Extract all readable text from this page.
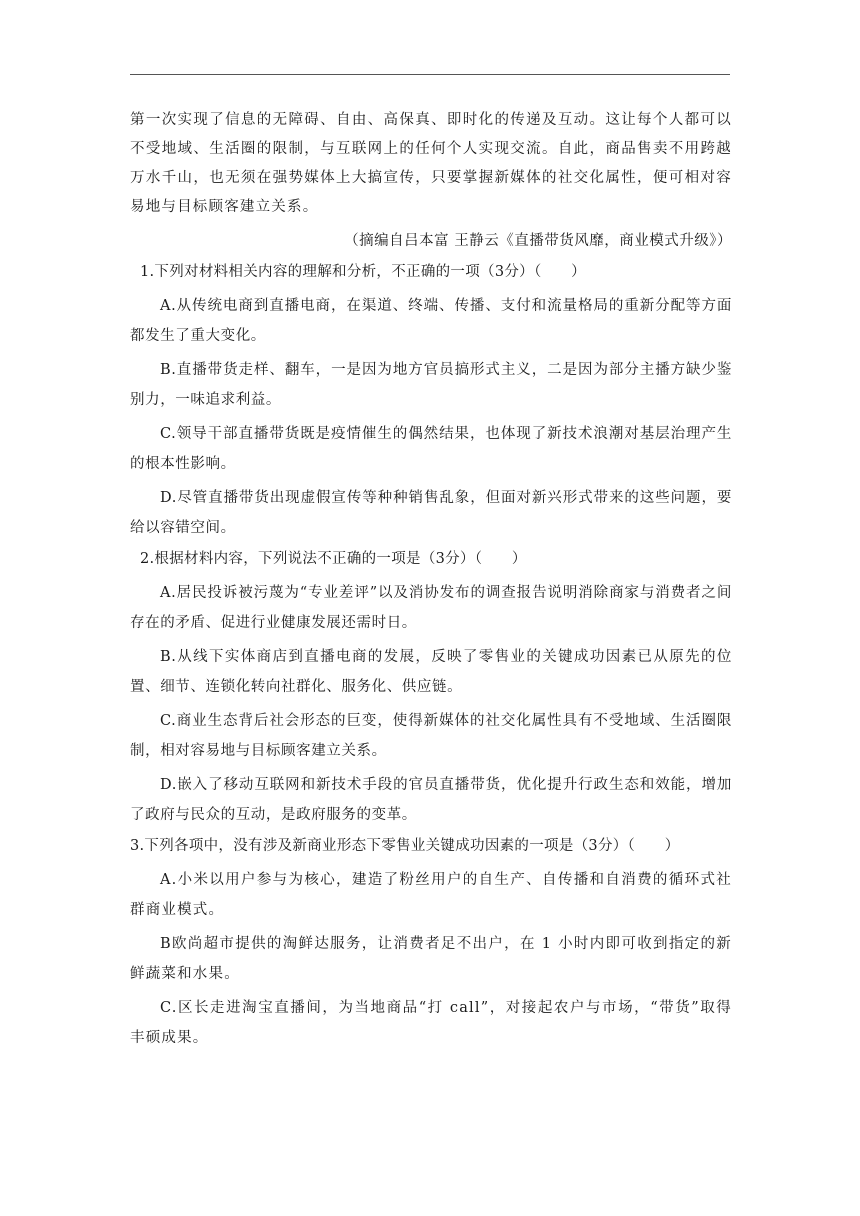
第一次实现了信息的无障碍、自由、高保真、即时化的传递及互动。这让每个人都可以不受地域、生活圈的限制，与互联网上的任何个人实现交流。自此，商品售卖不用跨越万水千山，也无须在强势媒体上大搞宣传，只要掌握新媒体的社交化属性，便可相对容易地与目标顾客建立关系。

（摘编自吕本富 王静云《直播带货风靡，商业模式升级》）
1.下列对材料相关内容的理解和分析，不正确的一项（3分）（　　）
A.从传统电商到直播电商，在渠道、终端、传播、支付和流量格局的重新分配等方面都发生了重大变化。
B.直播带货走样、翻车，一是因为地方官员搞形式主义，二是因为部分主播方缺少鉴别力，一味追求利益。
C.领导干部直播带货既是疫情催生的偶然结果，也体现了新技术浪潮对基层治理产生的根本性影响。
D.尽管直播带货出现虚假宣传等种种销售乱象，但面对新兴形式带来的这些问题，要给以容错空间。
2.根据材料内容，下列说法不正确的一项是（3分）（　　）
A.居民投诉被污蔑为“专业差评”以及消协发布的调查报告说明消除商家与消费者之间存在的矛盾、促进行业健康发展还需时日。
B.从线下实体商店到直播电商的发展，反映了零售业的关键成功因素已从原先的位置、细节、连锁化转向社群化、服务化、供应链。
C.商业生态背后社会形态的巨变，使得新媒体的社交化属性具有不受地域、生活圈限制，相对容易地与目标顾客建立关系。
D.嵌入了移动互联网和新技术手段的官员直播带货，优化提升行政生态和效能，增加了政府与民众的互动，是政府服务的变革。
3.下列各项中，没有涉及新商业形态下零售业关键成功因素的一项是（3分）（　　）
A.小米以用户参与为核心，建造了粉丝用户的自生产、自传播和自消费的循环式社群商业模式。
B欧尚超市提供的淘鲜达服务，让消费者足不出户，在 1 小时内即可收到指定的新鲜蔬菜和水果。
C.区长走进淘宝直播间，为当地商品“打 call”，对接起农户与市场，“带货”取得丰硕成果。
